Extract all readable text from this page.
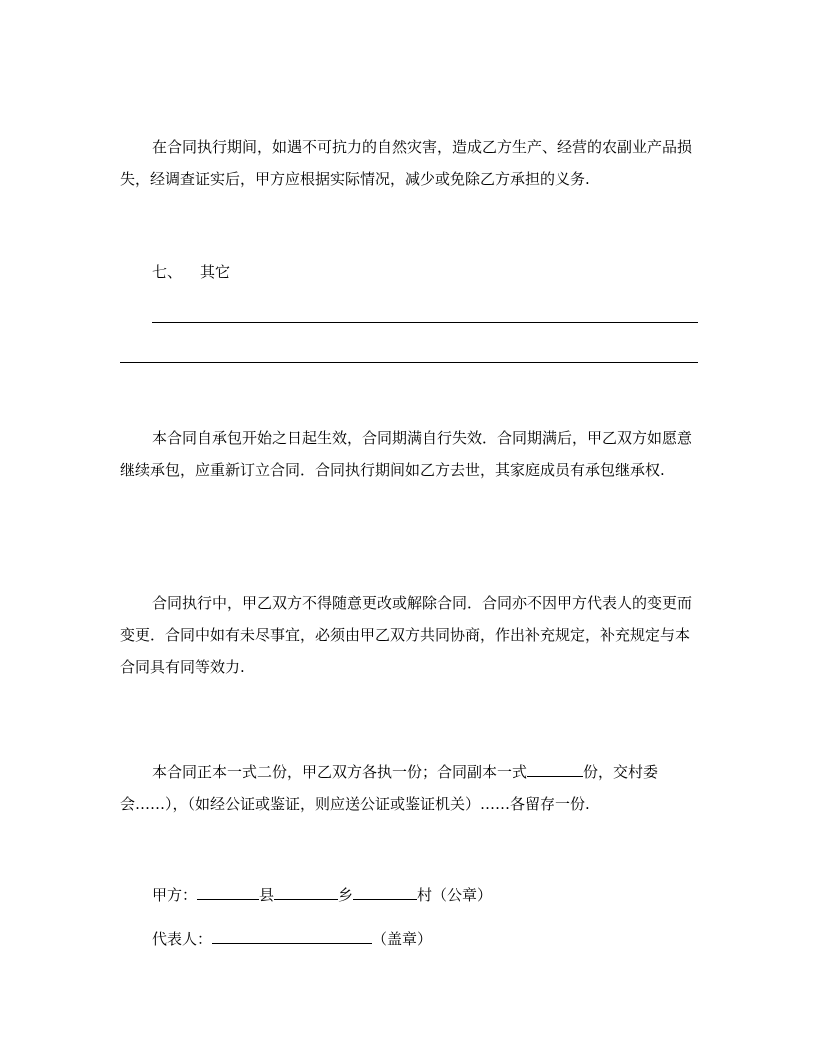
在合同执行期间，如遇不可抗力的自然灾害，造成乙方生产、经营的农副业产品损失，经调查证实后，甲方应根据实际情况，减少或免除乙方承担的义务.

七、 其它

本合同自承包开始之日起生效，合同期满自行失效．合同期满后，甲乙双方如愿意继续承包，应重新订立合同．合同执行期间如乙方去世，其家庭成员有承包继承权.

合同执行中，甲乙双方不得随意更改或解除合同．合同亦不因甲方代表人的变更而变更．合同中如有未尽事宜，必须由甲乙双方共同协商，作出补充规定，补充规定与本合同具有同等效力.

本合同正本一式二份，甲乙双方各执一份；合同副本一式	份，交村委会……），（如经公证或鉴证，则应送公证或鉴证机关）……各留存一份.

甲方：	县	乡	村（公章）

代表人：	（盖章）
